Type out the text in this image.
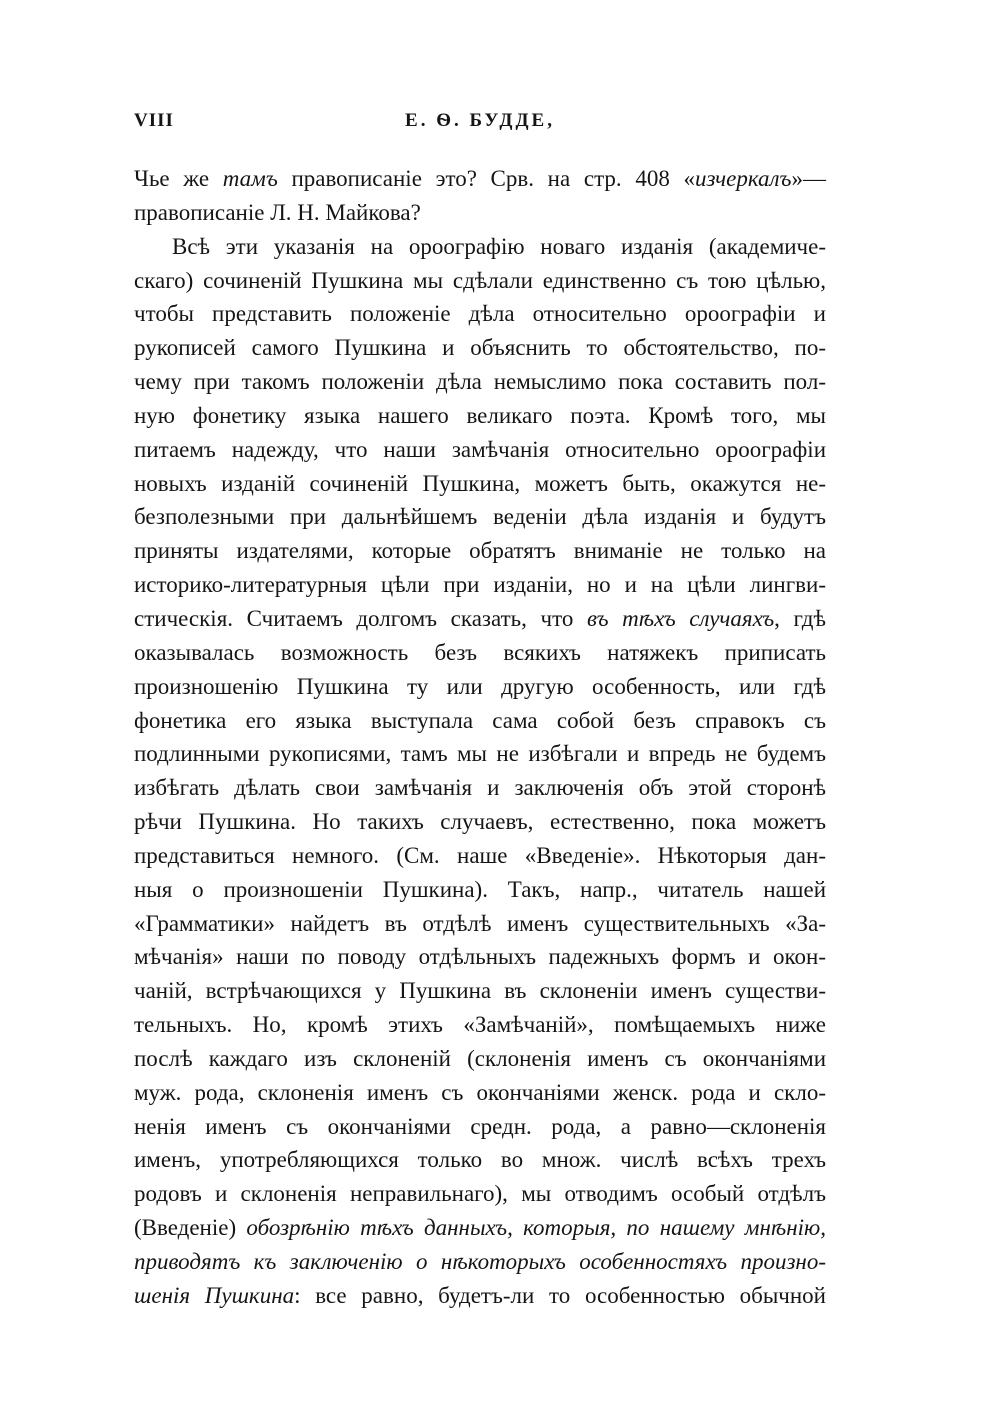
VIII	Е. Ѳ. БУДДЕ,
Чье же тамъ правописаніе это? Срв. на стр. 408 «изчеркалъ»—
правописаніе Л. Н. Майкова?
Всѣ эти указанія на ороографію новаго изданія (академиче-
скаго) сочиненій Пушкина мы сдѣлали единственно съ тою цѣлью,
чтобы представить положеніе дѣла относительно ороографіи и
рукописей самого Пушкина и объяснить то обстоятельство, по-
чему при такомъ положеніи дѣла немыслимо пока составить пол-
ную фонетику языка нашего великаго поэта. Кромѣ того, мы
питаемъ надежду, что наши замѣчанія относительно ороографіи
новыхъ изданій сочиненій Пушкина, можетъ быть, окажутся не-
безполезными при дальнѣйшемъ веденіи дѣла изданія и будутъ
приняты издателями, которые обратятъ вниманіе не только на
историко-литературныя цѣли при изданіи, но и на цѣли лингви-
стическія. Считаемъ долгомъ сказать, что въ тѣхъ случаяхъ, гдѣ
оказывалась возможность безъ всякихъ натяжекъ приписать
произношенію Пушкина ту или другую особенность, или гдѣ
фонетика его языка выступала сама собой безъ справокъ съ
подлинными рукописями, тамъ мы не избѣгали и впредь не будемъ
избѣгать дѣлать свои замѣчанія и заключенія объ этой сторонѣ
рѣчи Пушкина. Но такихъ случаевъ, естественно, пока можетъ
представиться немного. (См. наше «Введеніе». Нѣкоторыя дан-
ныя о произношеніи Пушкина). Такъ, напр., читатель нашей
«Грамматики» найдетъ въ отдѣлѣ именъ существительныхъ «За-
мѣчанія» наши по поводу отдѣльныхъ падежныхъ формъ и окон-
чаній, встрѣчающихся у Пушкина въ склоненіи именъ существи-
тельныхъ. Но, кромѣ этихъ «Замѣчаній», помѣщаемыхъ ниже
послѣ каждаго изъ склоненій (склоненія именъ съ окончаніями
муж. рода, склоненія именъ съ окончаніями женск. рода и скло-
ненія именъ съ окончаніями средн. рода, а равно—склоненія
именъ, употребляющихся только во множ. числѣ всѣхъ трехъ
родовъ и склоненія неправильнаго), мы отводимъ особый отдѣлъ
(Введеніе) обозрѣнію тѣхъ данныхъ, которыя, по нашему мнѣнію,
приводятъ къ заключенію о нѣкоторыхъ особенностяхъ произно-
шенія Пушкина: все равно, будетъ-ли то особенностью обычной
